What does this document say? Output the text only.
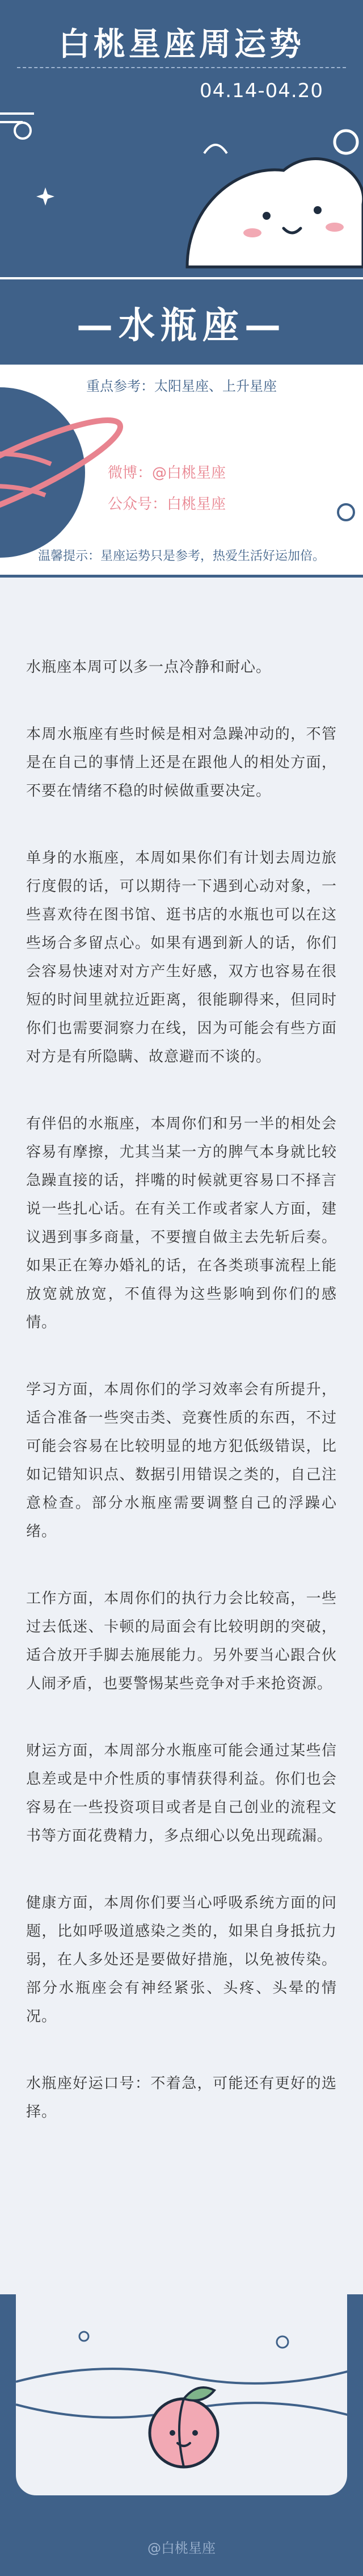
白桃星座周运势
04.14-04.20
—水瓶座—
重点参考：太阳星座、上升星座
微博：@白桃星座
公众号：白桃星座
温馨提示：星座运势只是参考，热爱生活好运加倍。

水瓶座本周可以多一点冷静和耐心。

本周水瓶座有些时候是相对急躁冲动的，不管是在自己的事情上还是在跟他人的相处方面，不要在情绪不稳的时候做重要决定。

单身的水瓶座，本周如果你们有计划去周边旅行度假的话，可以期待一下遇到心动对象，一些喜欢待在图书馆、逛书店的水瓶也可以在这些场合多留点心。如果有遇到新人的话，你们会容易快速对对方产生好感，双方也容易在很短的时间里就拉近距离，很能聊得来，但同时你们也需要洞察力在线，因为可能会有些方面对方是有所隐瞒、故意避而不谈的。

有伴侣的水瓶座，本周你们和另一半的相处会容易有摩擦，尤其当某一方的脾气本身就比较急躁直接的话，拌嘴的时候就更容易口不择言说一些扎心话。在有关工作或者家人方面，建议遇到事多商量，不要擅自做主去先斩后奏。如果正在筹办婚礼的话，在各类琐事流程上能放宽就放宽，不值得为这些影响到你们的感情。

学习方面，本周你们的学习效率会有所提升，适合准备一些突击类、竞赛性质的东西，不过可能会容易在比较明显的地方犯低级错误，比如记错知识点、数据引用错误之类的，自己注意检查。部分水瓶座需要调整自己的浮躁心绪。

工作方面，本周你们的执行力会比较高，一些过去低迷、卡顿的局面会有比较明朗的突破，适合放开手脚去施展能力。另外要当心跟合伙人闹矛盾，也要警惕某些竞争对手来抢资源。

财运方面，本周部分水瓶座可能会通过某些信息差或是中介性质的事情获得利益。你们也会容易在一些投资项目或者是自己创业的流程文书等方面花费精力，多点细心以免出现疏漏。

健康方面，本周你们要当心呼吸系统方面的问题，比如呼吸道感染之类的，如果自身抵抗力弱，在人多处还是要做好措施，以免被传染。部分水瓶座会有神经紧张、头疼、头晕的情况。

水瓶座好运口号：不着急，可能还有更好的选择。

@白桃星座
